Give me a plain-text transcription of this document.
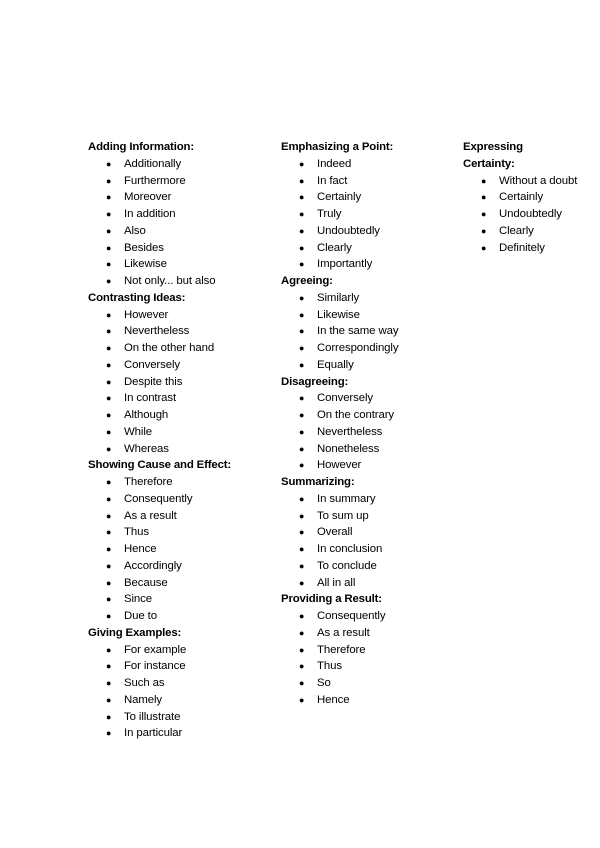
Adding Information:
● Additionally
● Furthermore
● Moreover
● In addition
● Also
● Besides
● Likewise
● Not only... but also
Contrasting Ideas:
● However
● Nevertheless
● On the other hand
● Conversely
● Despite this
● In contrast
● Although
● While
● Whereas
Showing Cause and Effect:
● Therefore
● Consequently
● As a result
● Thus
● Hence
● Accordingly
● Because
● Since
● Due to
Giving Examples:
● For example
● For instance
● Such as
● Namely
● To illustrate
● In particular
Emphasizing a Point:
● Indeed
● In fact
● Certainly
● Truly
● Undoubtedly
● Clearly
● Importantly
Agreeing:
● Similarly
● Likewise
● In the same way
● Correspondingly
● Equally
Disagreeing:
● Conversely
● On the contrary
● Nevertheless
● Nonetheless
● However
Summarizing:
● In summary
● To sum up
● Overall
● In conclusion
● To conclude
● All in all
Providing a Result:
● Consequently
● As a result
● Therefore
● Thus
● So
● Hence
Expressing
Certainty:
● Without a doubt
● Certainly
● Undoubtedly
● Clearly
● Definitely
